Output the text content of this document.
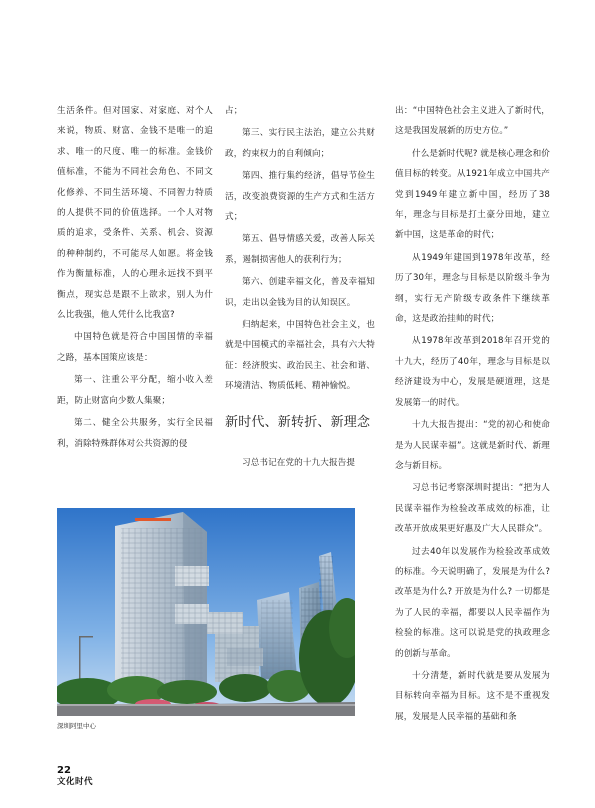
生活条件。但对国家、对家庭、对个人来说，物质、财富、金钱不是唯一的追求、唯一的尺度、唯一的标准。金钱价值标准，不能为不同社会角色、不同文化修养、不同生活环境、不同智力特质的人提供不同的价值选择。一个人对物质的追求，受条件、关系、机会、资源的种种制约，不可能尽人如愿。将金钱作为衡量标准，人的心理永远找不到平衡点，现实总是跟不上欲求，别人为什么比我强，他人凭什么比我富?

中国特色就是符合中国国情的幸福之路，基本国策应该是：

第一、注重公平分配，缩小收入差距，防止财富向少数人集聚；

第二、健全公共服务，实行全民福利，消除特殊群体对公共资源的侵

占；

第三、实行民主法治，建立公共财政，约束权力的自利倾向；

第四、推行集约经济，倡导节俭生活，改变浪费资源的生产方式和生活方式；

第五、倡导情感关爱，改善人际关系，遏制损害他人的获利行为；

第六、创建幸福文化，普及幸福知识，走出以金钱为目的认知误区。

归纳起来，中国特色社会主义，也就是中国模式的幸福社会，具有六大特征：经济殷实、政治民主、社会和谐、环境清洁、物质低耗、精神愉悦。

新时代、新转折、新理念

习总书记在党的十九大报告提

出：“中国特色社会主义进入了新时代，这是我国发展新的历史方位。”

什么是新时代呢? 就是核心理念和价值目标的转变。从1921年成立中国共产党到1949年建立新中国，经历了38年，理念与目标是打土豪分田地，建立新中国，这是革命的时代；

从1949年建国到1978年改革，经历了30年，理念与目标是以阶级斗争为纲，实行无产阶级专政条件下继续革命，这是政治挂帅的时代；

从1978年改革到2018年召开党的十九大，经历了40年，理念与目标是以经济建设为中心，发展是硬道理，这是发展第一的时代。

十九大报告提出：“党的初心和使命是为人民谋幸福”。这就是新时代、新理念与新目标。

习总书记考察深圳时提出：“把为人民谋幸福作为检验改革成效的标准，让改革开放成果更好惠及广大人民群众”。

过去40年以发展作为检验改革成效的标准。今天说明确了，发展是为什么? 改革是为什么? 开放是为什么? 一切都是为了人民的幸福，都要以人民幸福作为检验的标准。这可以说是党的执政理念的创新与革命。

十分清楚，新时代就是要从发展为目标转向幸福为目标。这不是不重视发展，发展是人民幸福的基础和条

深圳阿里中心
22
文化时代
